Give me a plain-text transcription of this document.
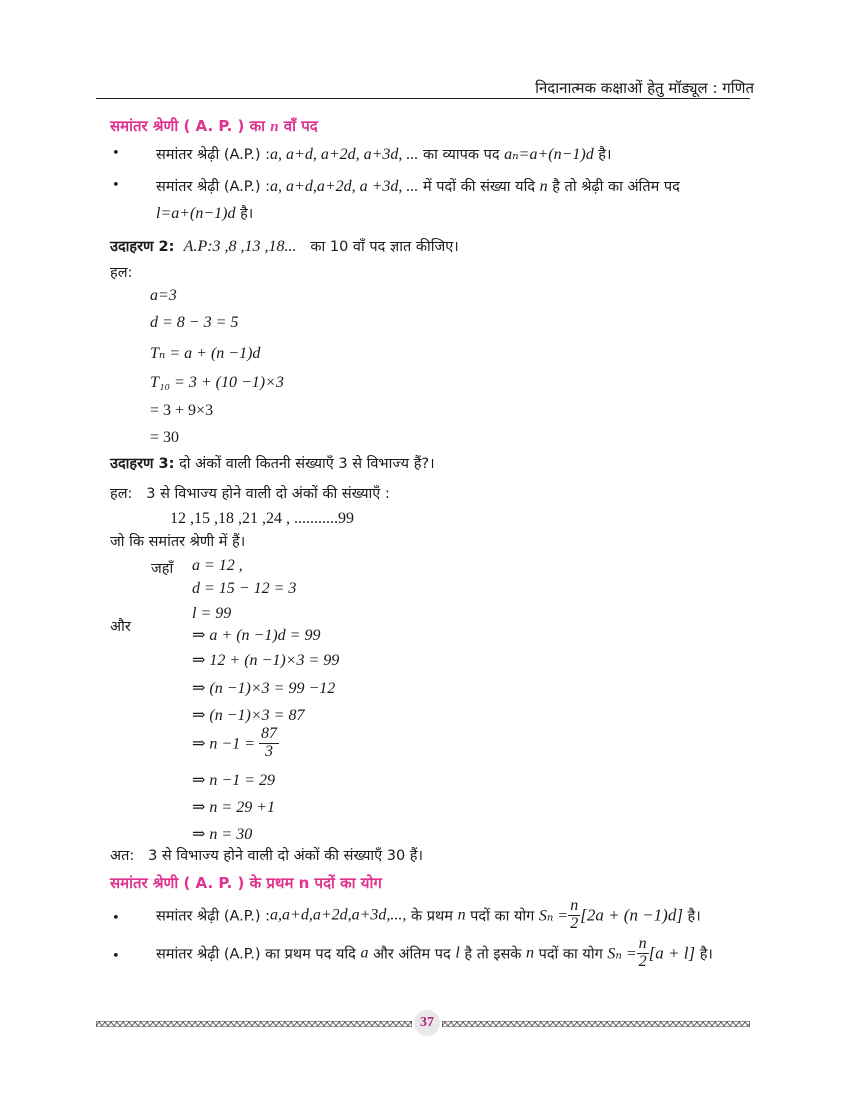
निदानात्मक कक्षाओं हेतु मॉड्यूल : गणित
समांतर श्रेणी ( A. P. ) का n वाँ पद
•	समांतर श्रेढ़ी (A.P.) :a, a+d, a+2d, a+3d, ... का व्यापक पद aₙ=a+(n−1)d है।
•	समांतर श्रेढ़ी (A.P.) :a, a+d,a+2d, a +3d, ... में पदों की संख्या यदि n है तो श्रेढ़ी का अंतिम पद
l=a+(n−1)d है।
उदाहरण 2: A.P:3 ,8 ,13 ,18... का 10 वाँ पद ज्ञात कीजिए।
हल:
a=3
d = 8 − 3 = 5
Tₙ = a + (n −1)d
T₁₀ = 3 + (10 −1)×3
= 3 + 9×3
= 30
उदाहरण 3: दो अंकों वाली कितनी संख्याएँ 3 से विभाज्य हैं?।
हल: 3 से विभाज्य होने वाली दो अंकों की संख्याएँ :
12 ,15 ,18 ,21 ,24 , ...........99
जो कि समांतर श्रेणी में हैं।
जहाँ
और
a = 12 ,
d = 15 − 12 = 3
l = 99
⇒ a + (n −1)d = 99
⇒ 12 + (n −1)×3 = 99
⇒ (n −1)×3 = 99 −12
⇒ (n −1)×3 = 87
⇒ $n -1 = \frac{87}{3}$
⇒ n −1 = 29
⇒ n = 29 +1
⇒ n = 30
अत: 3 से विभाज्य होने वाली दो अंकों की संख्याएँ 30 हैं।
समांतर श्रेणी ( A. P. ) के प्रथम n पदों का योग
•	समांतर श्रेढ़ी (A.P.) :a,a+d,a+2d,a+3d,..., के प्रथम n पदों का योग $S_n = \frac{n}{2} [2a + (n -1)d]$ है।
•	समांतर श्रेढ़ी (A.P.) का प्रथम पद यदि a और अंतिम पद l है तो इसके n पदों का योग $S_n = \frac{n}{2} [a + l]$ है।
37
